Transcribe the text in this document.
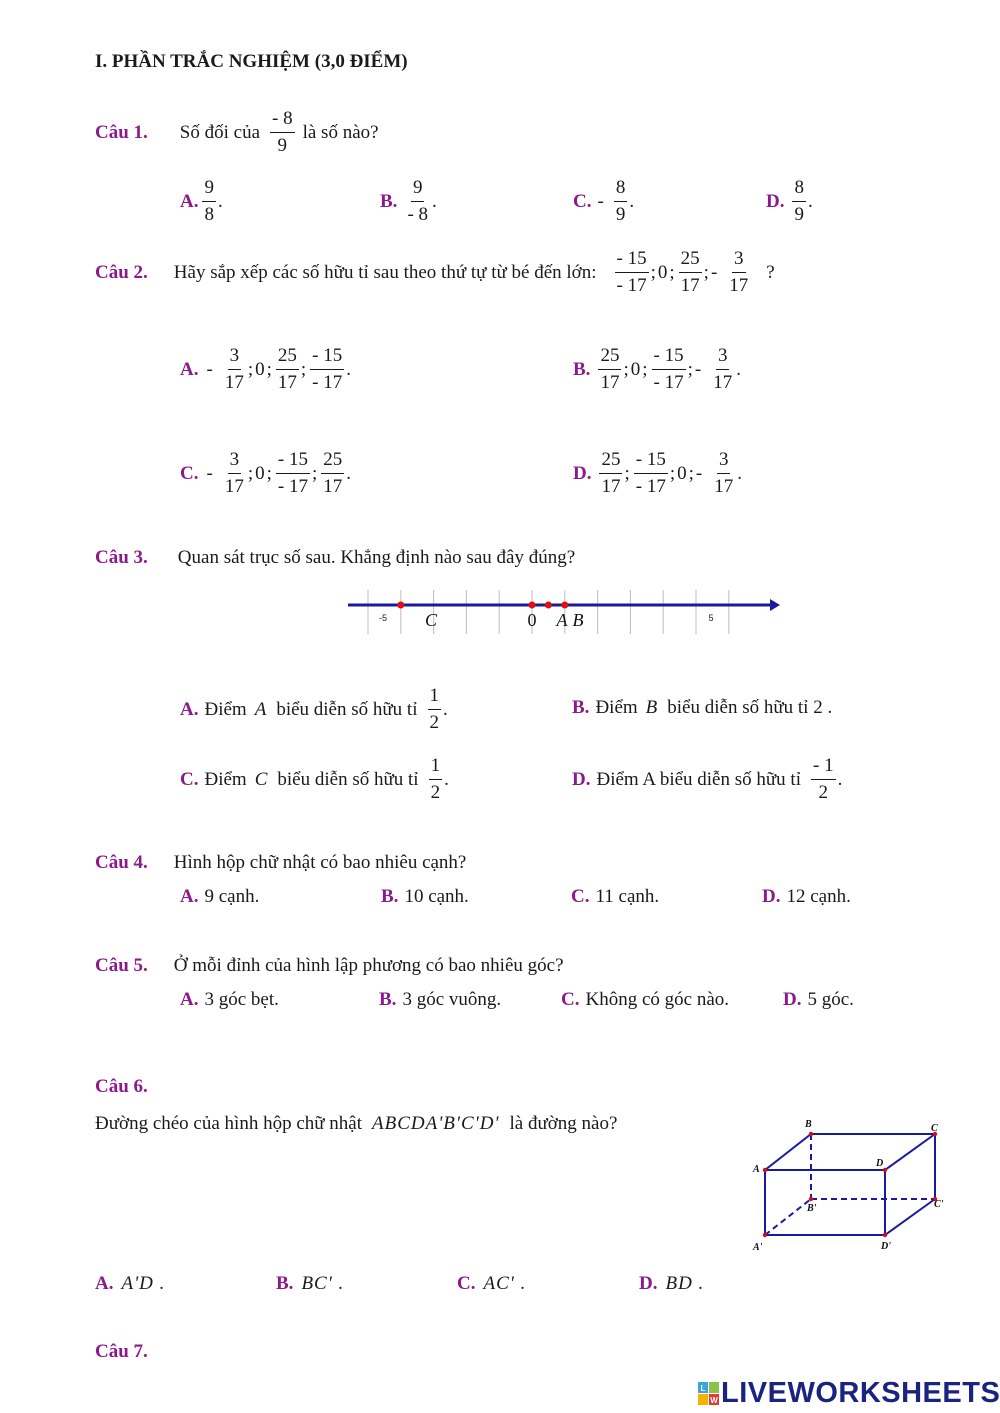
I. PHẦN TRẮC NGHIỆM (3,0 ĐIỂM)
Câu 1. Số đối của $\frac{- 8}{9}$ là số nào?
A. $\frac{9}{8}$ .	B. $\frac{9}{- 8}$ .	C. - $\frac{8}{9}$ .	D. $\frac{8}{9}$ .
Câu 2. Hãy sắp xếp các số hữu tỉ sau theo thứ tự từ bé đến lớn: $\frac{- 15}{- 17}$ ; 0 ; $\frac{25}{17}$ ; - $\frac{3}{17}$ ?
A. - $\frac{3}{17}$ ; 0 ; $\frac{25}{17}$ ; $\frac{- 15}{- 17}$ .	B. $\frac{25}{17}$ ; 0 ; $\frac{- 15}{- 17}$ ; - $\frac{3}{17}$ .
C. - $\frac{3}{17}$ ; 0 ; $\frac{- 15}{- 17}$ ; $\frac{25}{17}$ .	D. $\frac{25}{17}$ ; $\frac{- 15}{- 17}$ ; 0 ; - $\frac{3}{17}$ .
Câu 3. Quan sát trục số sau. Khẳng định nào sau đây đúng?
-5	5
0
C	A B
A. Điểm A biểu diễn số hữu tỉ $\frac{1}{2}$ .	B. Điểm B biểu diễn số hữu tỉ 2 .
C. Điểm C biểu diễn số hữu tỉ $\frac{1}{2}$ .	D. Điểm A biểu diễn số hữu tỉ $\frac{- 1}{2}$ .
Câu 4. Hình hộp chữ nhật có bao nhiêu cạnh?
A. 9 cạnh.	B. 10 cạnh.	C. 11 cạnh.	D. 12 cạnh.
Câu 5. Ở mỗi đỉnh của hình lập phương có bao nhiêu góc?
A. 3 góc bẹt.	B. 3 góc vuông.	C. Không có góc nào.	D. 5 góc.
Câu 6.
Đường chéo của hình hộp chữ nhật ABCDA'B'C'D' là đường nào?
A
B	C
D
A'
B'	C'
D'
A. A'D .	B. BC' .	C. AC' .	D. BD .
Câu 7.
L
W LIVEWORKSHEETS
